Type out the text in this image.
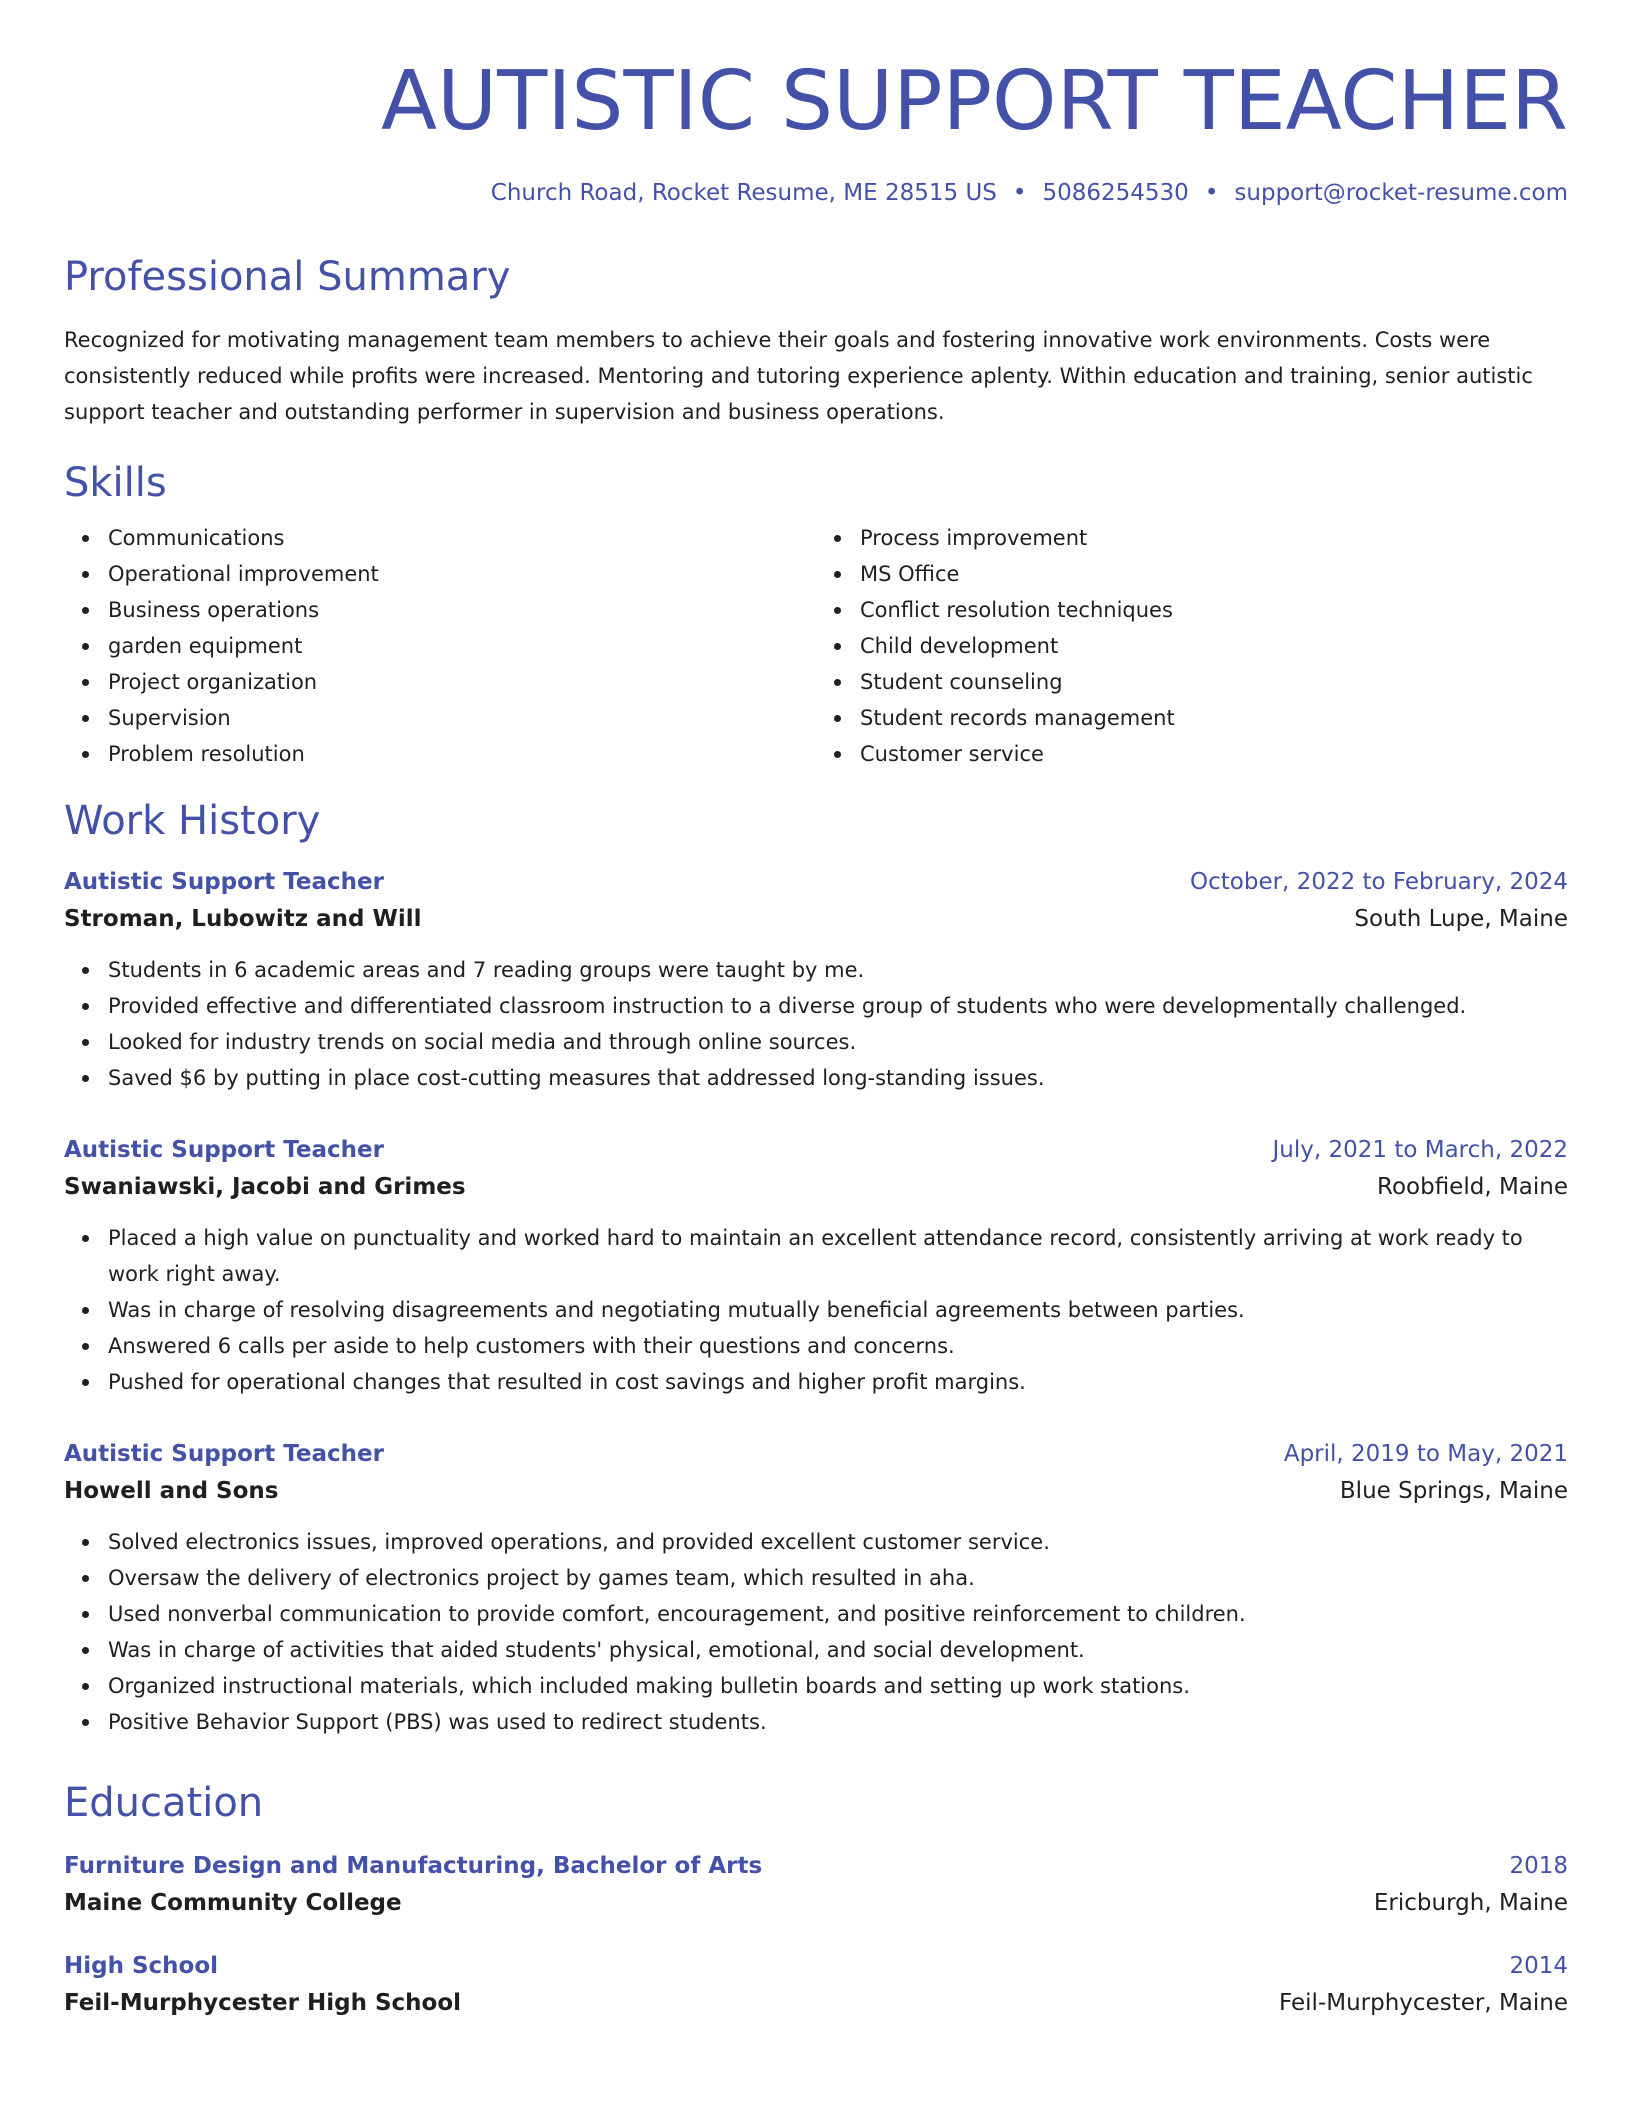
AUTISTIC SUPPORT TEACHER
Church Road, Rocket Resume, ME 28515 US • 5086254530 • support@rocket-resume.com
Professional Summary
Recognized for motivating management team members to achieve their goals and fostering innovative work environments. Costs were consistently reduced while profits were increased. Mentoring and tutoring experience aplenty. Within education and training, senior autistic support teacher and outstanding performer in supervision and business operations.
Skills
Communications
Operational improvement
Business operations
garden equipment
Project organization
Supervision
Problem resolution
Process improvement
MS Office
Conflict resolution techniques
Child development
Student counseling
Student records management
Customer service
Work History
Autistic Support Teacher	October, 2022 to February, 2024
Stroman, Lubowitz and Will	South Lupe, Maine
Students in 6 academic areas and 7 reading groups were taught by me.
Provided effective and differentiated classroom instruction to a diverse group of students who were developmentally challenged.
Looked for industry trends on social media and through online sources.
Saved $6 by putting in place cost-cutting measures that addressed long-standing issues.
Autistic Support Teacher	July, 2021 to March, 2022
Swaniawski, Jacobi and Grimes	Roobfield, Maine
Placed a high value on punctuality and worked hard to maintain an excellent attendance record, consistently arriving at work ready to work right away.
Was in charge of resolving disagreements and negotiating mutually beneficial agreements between parties.
Answered 6 calls per aside to help customers with their questions and concerns.
Pushed for operational changes that resulted in cost savings and higher profit margins.
Autistic Support Teacher	April, 2019 to May, 2021
Howell and Sons	Blue Springs, Maine
Solved electronics issues, improved operations, and provided excellent customer service.
Oversaw the delivery of electronics project by games team, which resulted in aha.
Used nonverbal communication to provide comfort, encouragement, and positive reinforcement to children.
Was in charge of activities that aided students' physical, emotional, and social development.
Organized instructional materials, which included making bulletin boards and setting up work stations.
Positive Behavior Support (PBS) was used to redirect students.
Education
Furniture Design and Manufacturing, Bachelor of Arts	2018
Maine Community College	Ericburgh, Maine
High School	2014
Feil-Murphycester High School	Feil-Murphycester, Maine
